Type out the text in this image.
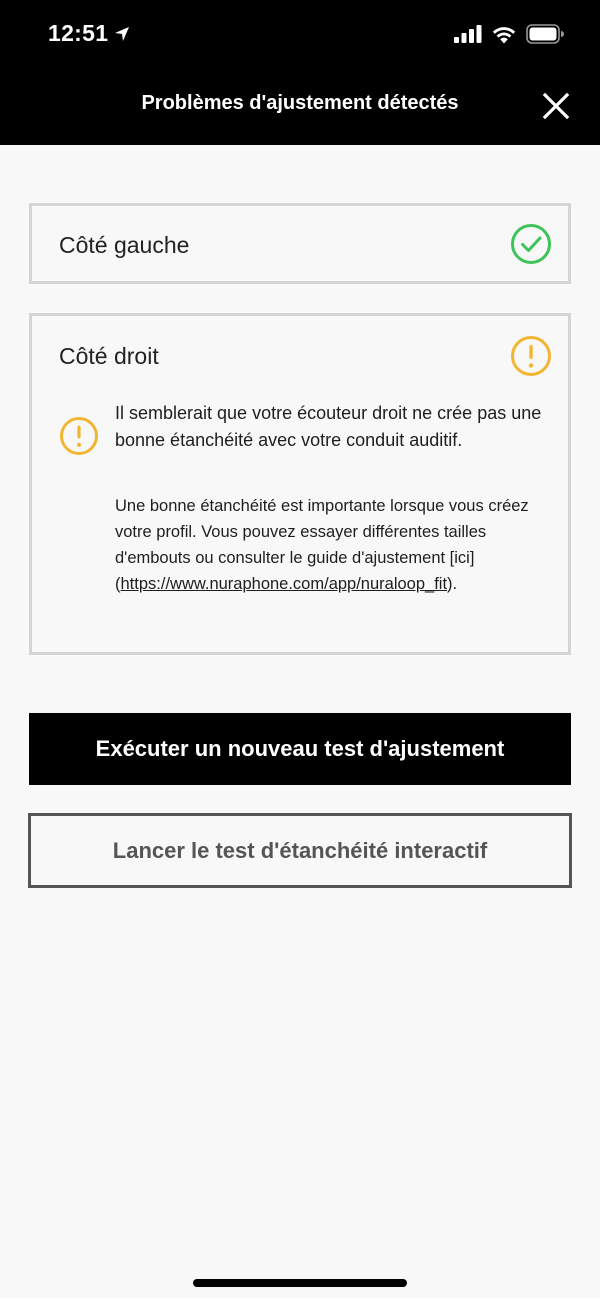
12:51
Problèmes d'ajustement détectés
Côté gauche
Côté droit

Il semblerait que votre écouteur droit ne crée pas une bonne étanchéité avec votre conduit auditif.

Une bonne étanchéité est importante lorsque vous créez votre profil. Vous pouvez essayer différentes tailles d'embouts ou consulter le guide d'ajustement [ici] (https://www.nuraphone.com/app/nuraloop_fit).

Exécuter un nouveau test d'ajustement
Lancer le test d'étanchéité interactif
